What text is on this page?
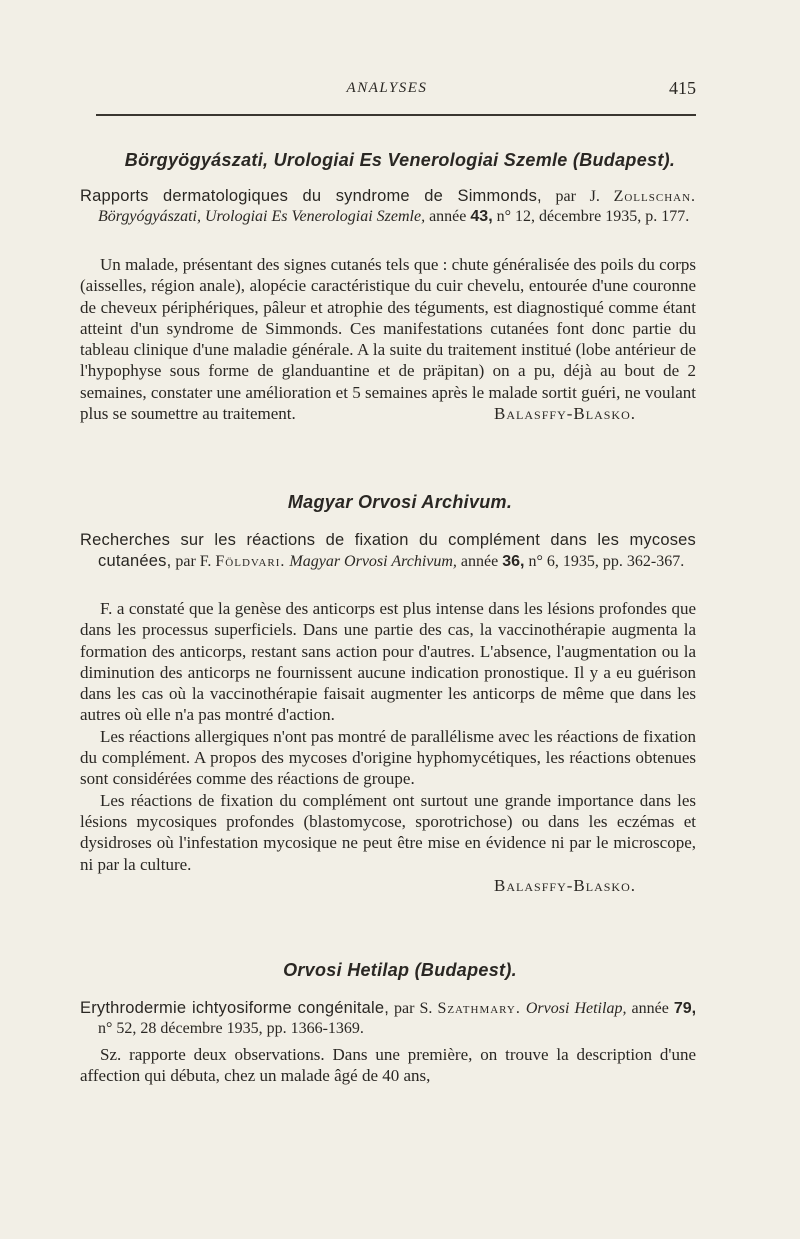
ANALYSES	415
Börgyögyászati, Urologiai Es Venerologiai Szemle (Budapest).

Rapports dermatologiques du syndrome de Simmonds, par J. Zollschan. Börgyógyászati, Urologiai Es Venerologiai Szemle, année 43, n° 12, décembre 1935, p. 177.

Un malade, présentant des signes cutanés tels que : chute généralisée des poils du corps (aisselles, région anale), alopécie caractéristique du cuir chevelu, entourée d'une couronne de cheveux périphériques, pâleur et atrophie des téguments, est diagnostiqué comme étant atteint d'un syndrome de Simmonds. Ces manifestations cutanées font donc partie du tableau clinique d'une maladie générale. A la suite du traitement institué (lobe antérieur de l'hypophyse sous forme de glanduantine et de präpitan) on a pu, déjà au bout de 2 semaines, constater une amélioration et 5 semaines après le malade sortit guéri, ne voulant plus se soumettre au traitement.	Balasffy-Blasko.

Magyar Orvosi Archivum.

Recherches sur les réactions de fixation du complément dans les mycoses cutanées, par F. Földvari. Magyar Orvosi Archivum, année 36, n° 6, 1935, pp. 362-367.

F. a constaté que la genèse des anticorps est plus intense dans les lésions profondes que dans les processus superficiels. Dans une partie des cas, la vaccinothérapie augmenta la formation des anticorps, restant sans action pour d'autres. L'absence, l'augmentation ou la diminution des anticorps ne fournissent aucune indication pronostique. Il y a eu guérison dans les cas où la vaccinothérapie faisait augmenter les anticorps de même que dans les autres où elle n'a pas montré d'action.

Les réactions allergiques n'ont pas montré de parallélisme avec les réactions de fixation du complément. A propos des mycoses d'origine hyphomycétiques, les réactions obtenues sont considérées comme des réactions de groupe.

Les réactions de fixation du complément ont surtout une grande importance dans les lésions mycosiques profondes (blastomycose, sporotrichose) ou dans les eczémas et dysidroses où l'infestation mycosique ne peut être mise en évidence ni par le microscope, ni par la culture.

Balasffy-Blasko.

Orvosi Hetilap (Budapest).

Erythrodermie ichtyosiforme congénitale, par S. Szathmary. Orvosi Hetilap, année 79, n° 52, 28 décembre 1935, pp. 1366-1369.

Sz. rapporte deux observations. Dans une première, on trouve la description d'une affection qui débuta, chez un malade âgé de 40 ans,
